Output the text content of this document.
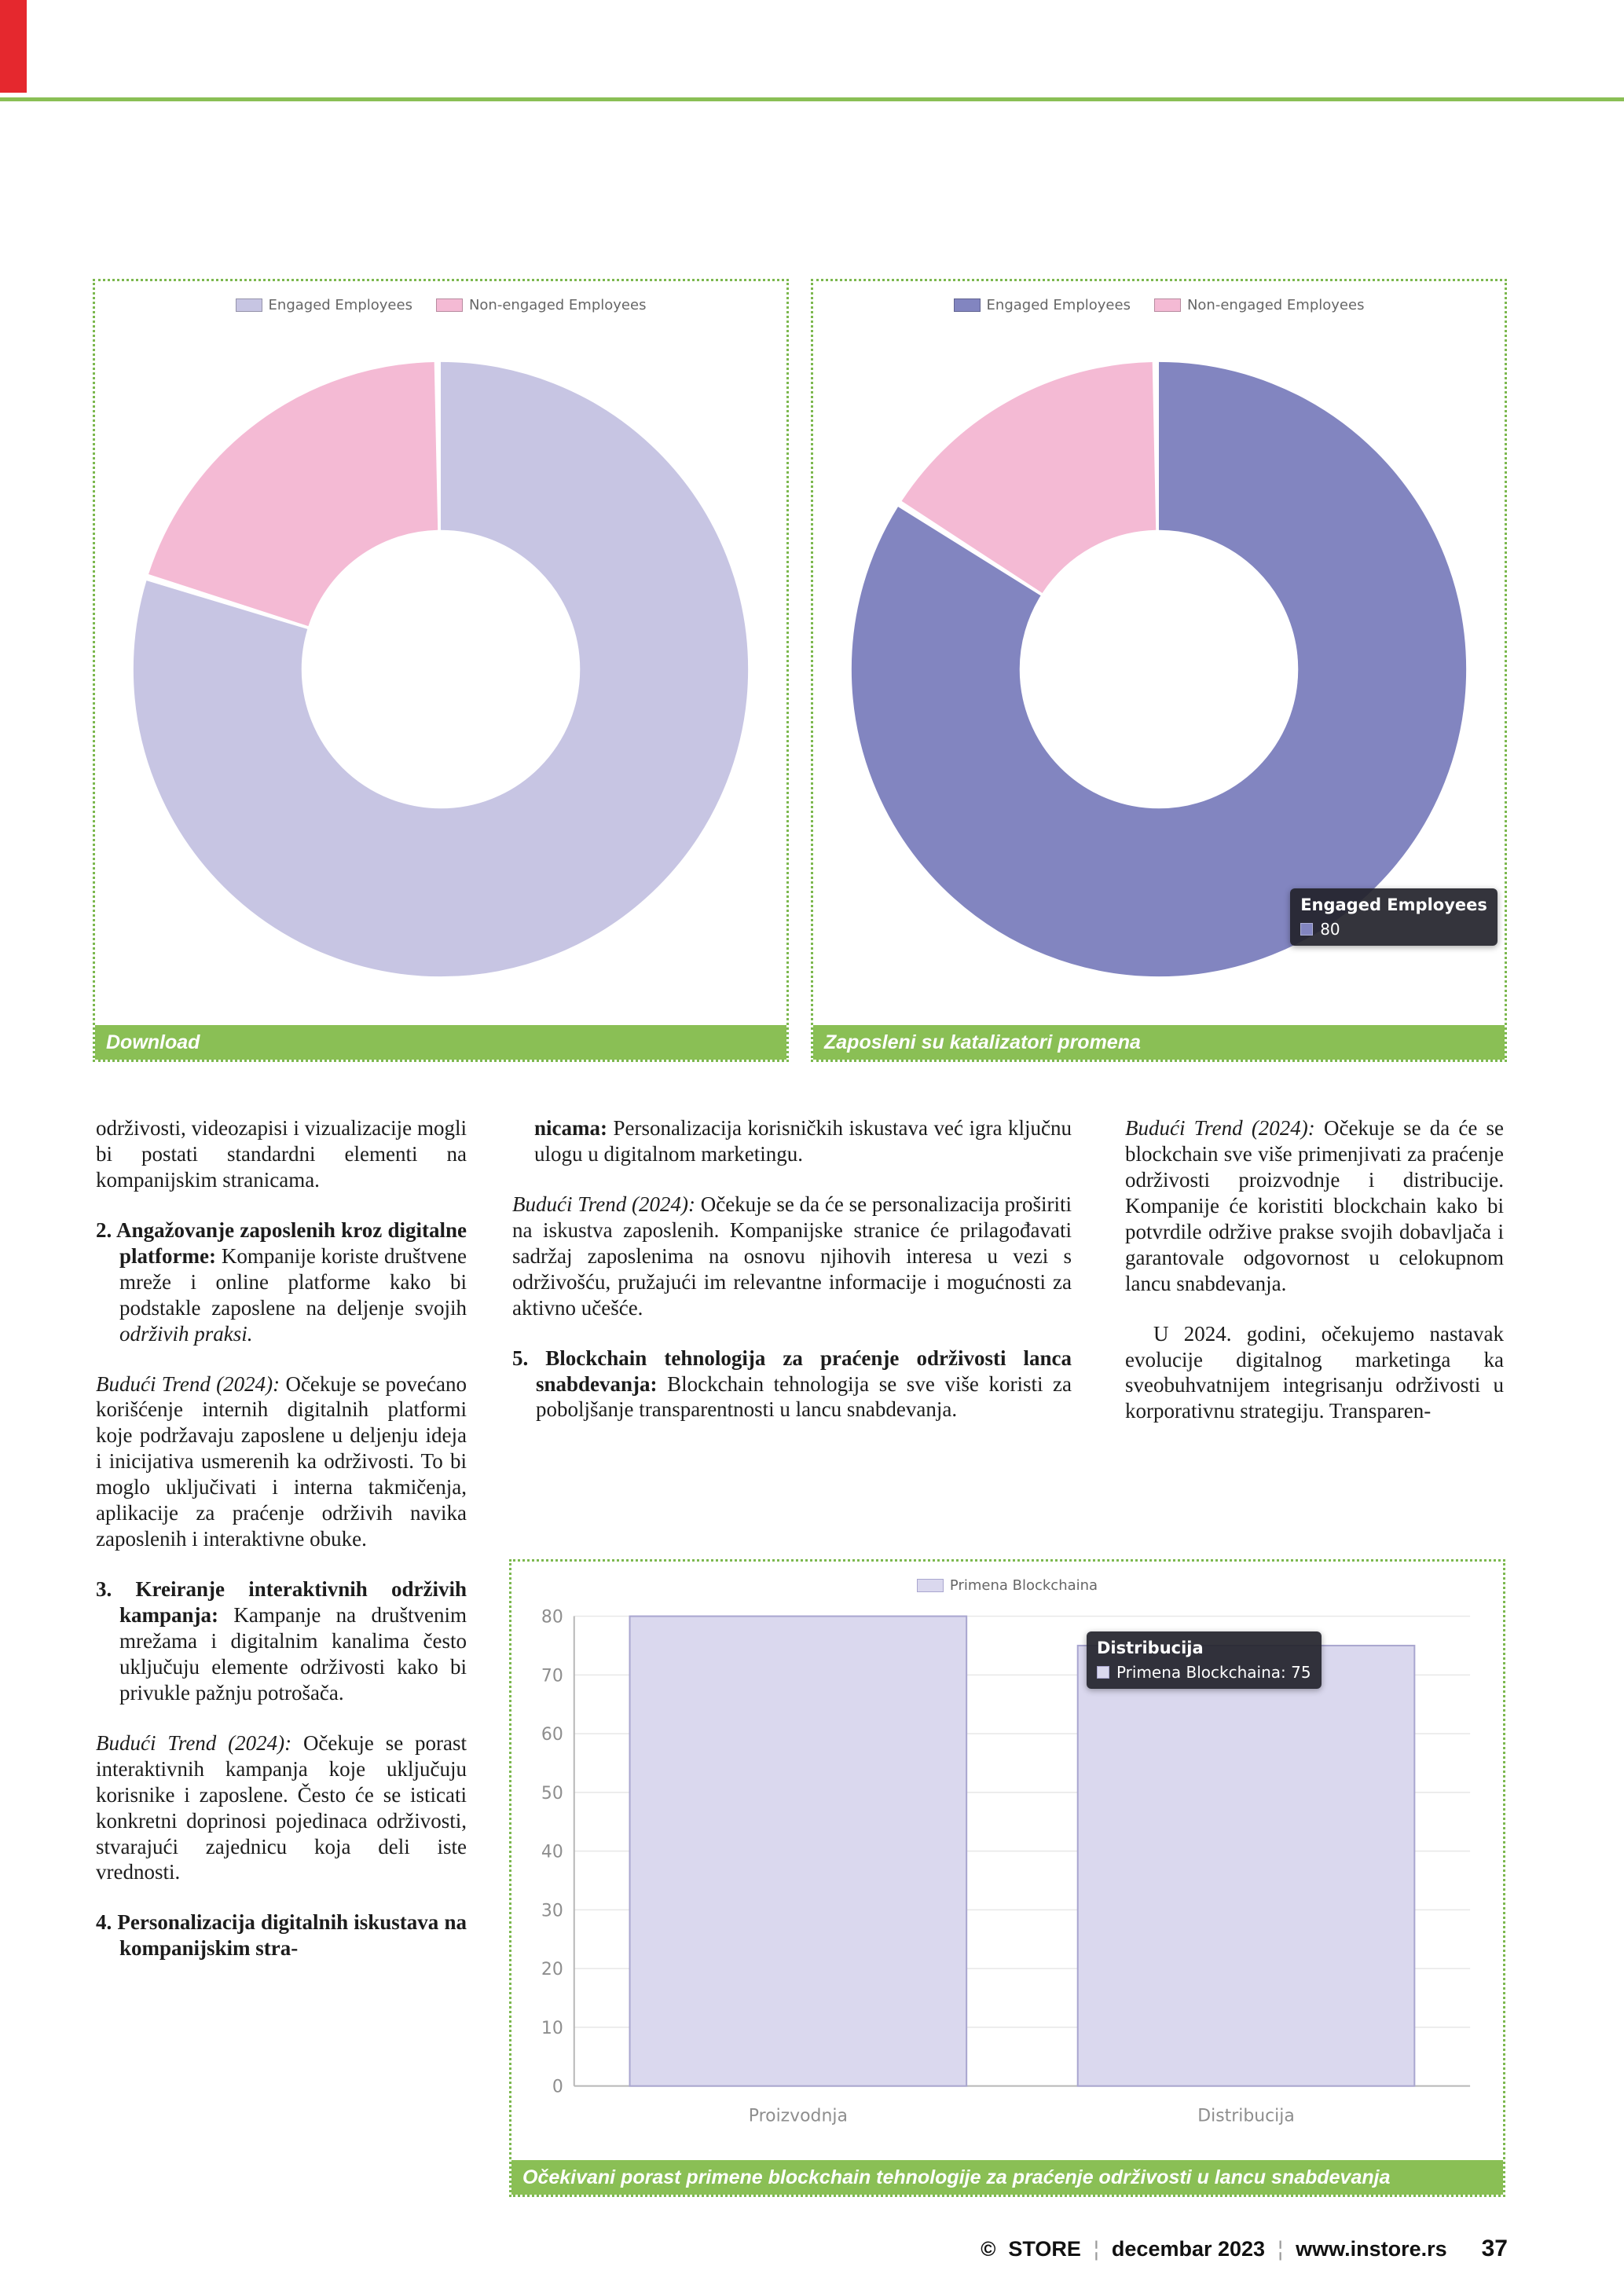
Engaged Employees	Non-engaged Employees
Download
Engaged Employees	Non-engaged Employees
Engaged Employees
80
Zaposleni su katalizatori promena

održivosti, videozapisi i vizualizacije mogli bi postati standardni elementi na kompanijskim stranicama.

2. Angažovanje zaposlenih kroz digitalne platforme: Kompanije koriste društvene mreže i online platforme kako bi podstakle zaposlene na deljenje svojih održivih praksi.

Budući Trend (2024): Očekuje se povećano korišćenje internih digitalnih platformi koje podržavaju zaposlene u deljenju ideja i inicijativa usmerenih ka održivosti. To bi moglo uključivati i interna takmičenja, aplikacije za praćenje održivih navika zaposlenih i interaktivne obuke.

3. Kreiranje interaktivnih održivih kampanja: Kampanje na društvenim mrežama i digitalnim kanalima često uključuju elemente održivosti kako bi privukle pažnju potrošača.

Budući Trend (2024): Očekuje se porast interaktivnih kampanja koje uključuju korisnike i zaposlene. Često će se isticati konkretni doprinosi pojedinaca održivosti, stvarajući zajednicu koja deli iste vrednosti.

4. Personalizacija digitalnih iskustava na kompanijskim stra-

nicama: Personalizacija korisničkih iskustava već igra ključnu ulogu u digitalnom marketingu.

Budući Trend (2024): Očekuje se da će se personalizacija proširiti na iskustva zaposlenih. Kompanijske stranice će prilagođavati sadržaj zaposlenima na osnovu njihovih interesa u vezi s održivošću, pružajući im relevantne informacije i mogućnosti za aktivno učešće.

5. Blockchain tehnologija za praćenje održivosti lanca snabdevanja: Blockchain tehnologija se sve više koristi za poboljšanje transparentnosti u lancu snabdevanja.

Budući Trend (2024): Očekuje se da će se blockchain sve više primenjivati za praćenje održivosti proizvodnje i distribucije. Kompanije će koristiti blockchain kako bi potvrdile održive prakse svojih dobavljača i garantovale odgovornost u celokupnom lancu snabdevanja.

U 2024. godini, očekujemo nastavak evolucije digitalnog marketinga ka sveobuhvatnijem integrisanju održivosti u korporativnu strategiju. Transparen-

Primena Blockchaina
0
10
20
30
40
50
60
70
80
Proizvodnja	Distribucija
Distribucija
Primena Blockchaina: 75
Očekivani porast primene blockchain tehnologije za praćenje održivosti u lancu snabdevanja
© STORE ¦ decembar 2023 ¦ www.instore.rs 37
